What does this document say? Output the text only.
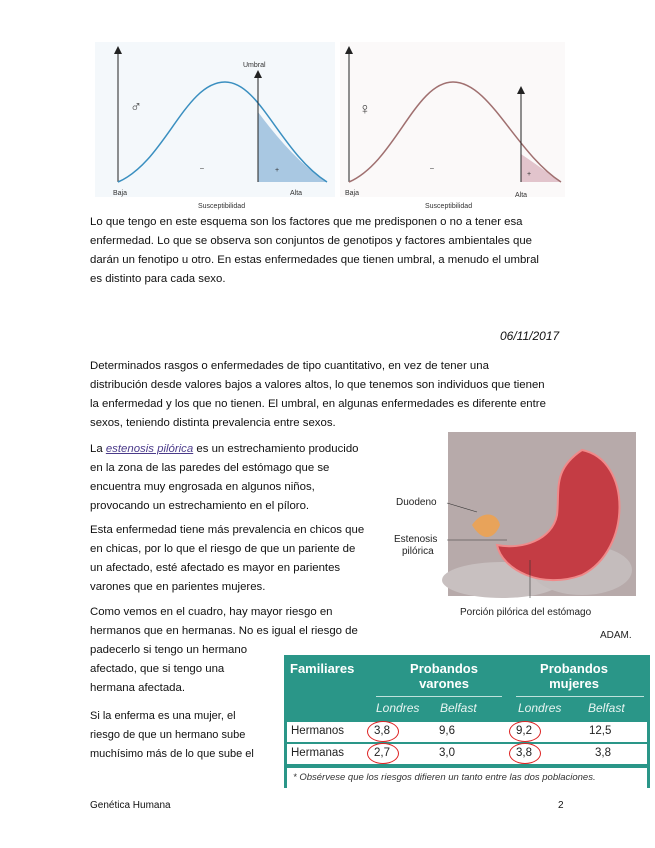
Umbral
♂
–	+
Baja	Alta
Susceptibilidad
♀
–
+
Baja	Alta
Susceptibilidad
Lo que tengo en este esquema son los factores que me predisponen o no a tener esa
enfermedad. Lo que se observa son conjuntos de genotipos y factores ambientales que
darán un fenotipo u otro. En estas enfermedades que tienen umbral, a menudo el umbral
es distinto para cada sexo.
06/11/2017
Determinados rasgos o enfermedades de tipo cuantitativo, en vez de tener una
distribución desde valores bajos a valores altos, lo que tenemos son individuos que tienen
la enfermedad y los que no tienen. El umbral, en algunas enfermedades es diferente entre
sexos, teniendo distinta prevalencia entre sexos.
La estenosis pilórica es un estrechamiento producido
en la zona de las paredes del estómago que se
encuentra muy engrosada en algunos niños,
provocando un estrechamiento en el píloro.
Esta enfermedad tiene más prevalencia en chicos que
en chicas, por lo que el riesgo de que un pariente de
un afectado, esté afectado es mayor en parientes
varones que en parientes mujeres.
Como vemos en el cuadro, hay mayor riesgo en
hermanos que en hermanas. No es igual el riesgo de
padecerlo si tengo un hermano
afectado, que si tengo una
hermana afectada.
Si la enferma es una mujer, el
riesgo de que un hermano sube
muchísimo más de lo que sube el
Duodeno
Estenosis
pilórica
Porción pilórica del estómago
ADAM.
Familiares	Probandos varones
Probandos mujeres
Londres Belfast	Londres Belfast
Hermanos	3,8	9,6	9,2	12,5
Hermanas	2,7	3,0	3,8	3,8
* Obsérvese que los riesgos difieren un tanto entre las dos poblaciones.
Genética Humana	2
